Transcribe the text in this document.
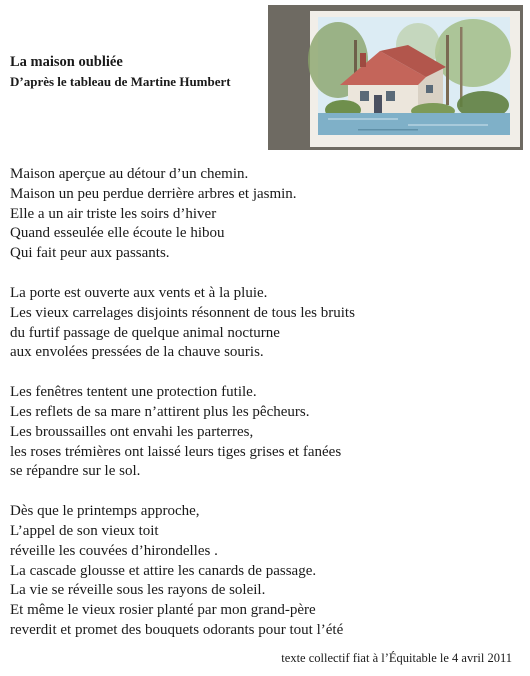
La maison oubliée
D’après le tableau de Martine Humbert

Maison aperçue au détour d’un chemin.
Maison un peu perdue derrière arbres et jasmin.
Elle a un air triste les soirs d’hiver
Quand esseulée elle écoute le hibou
Qui fait peur aux passants.

La porte est ouverte aux vents et à la pluie.
Les vieux carrelages disjoints résonnent de tous les bruits
du furtif passage de quelque animal nocturne
aux envolées pressées de la chauve souris.

Les fenêtres tentent une protection futile.
Les reflets de sa mare n’attirent plus les pêcheurs.
Les broussailles ont envahi les parterres,
les roses trémières ont laissé leurs tiges grises et fanées
se répandre sur le sol.

Dès que le printemps approche,
L’appel de son vieux toit
réveille les couvées d’hirondelles .
La cascade glousse et attire les canards de passage.
La vie se réveille sous les rayons de soleil.
Et même le vieux rosier planté par mon grand-père
reverdit et promet des bouquets odorants pour tout l’été

texte collectif fiat à l’Équitable le 4 avril 2011
